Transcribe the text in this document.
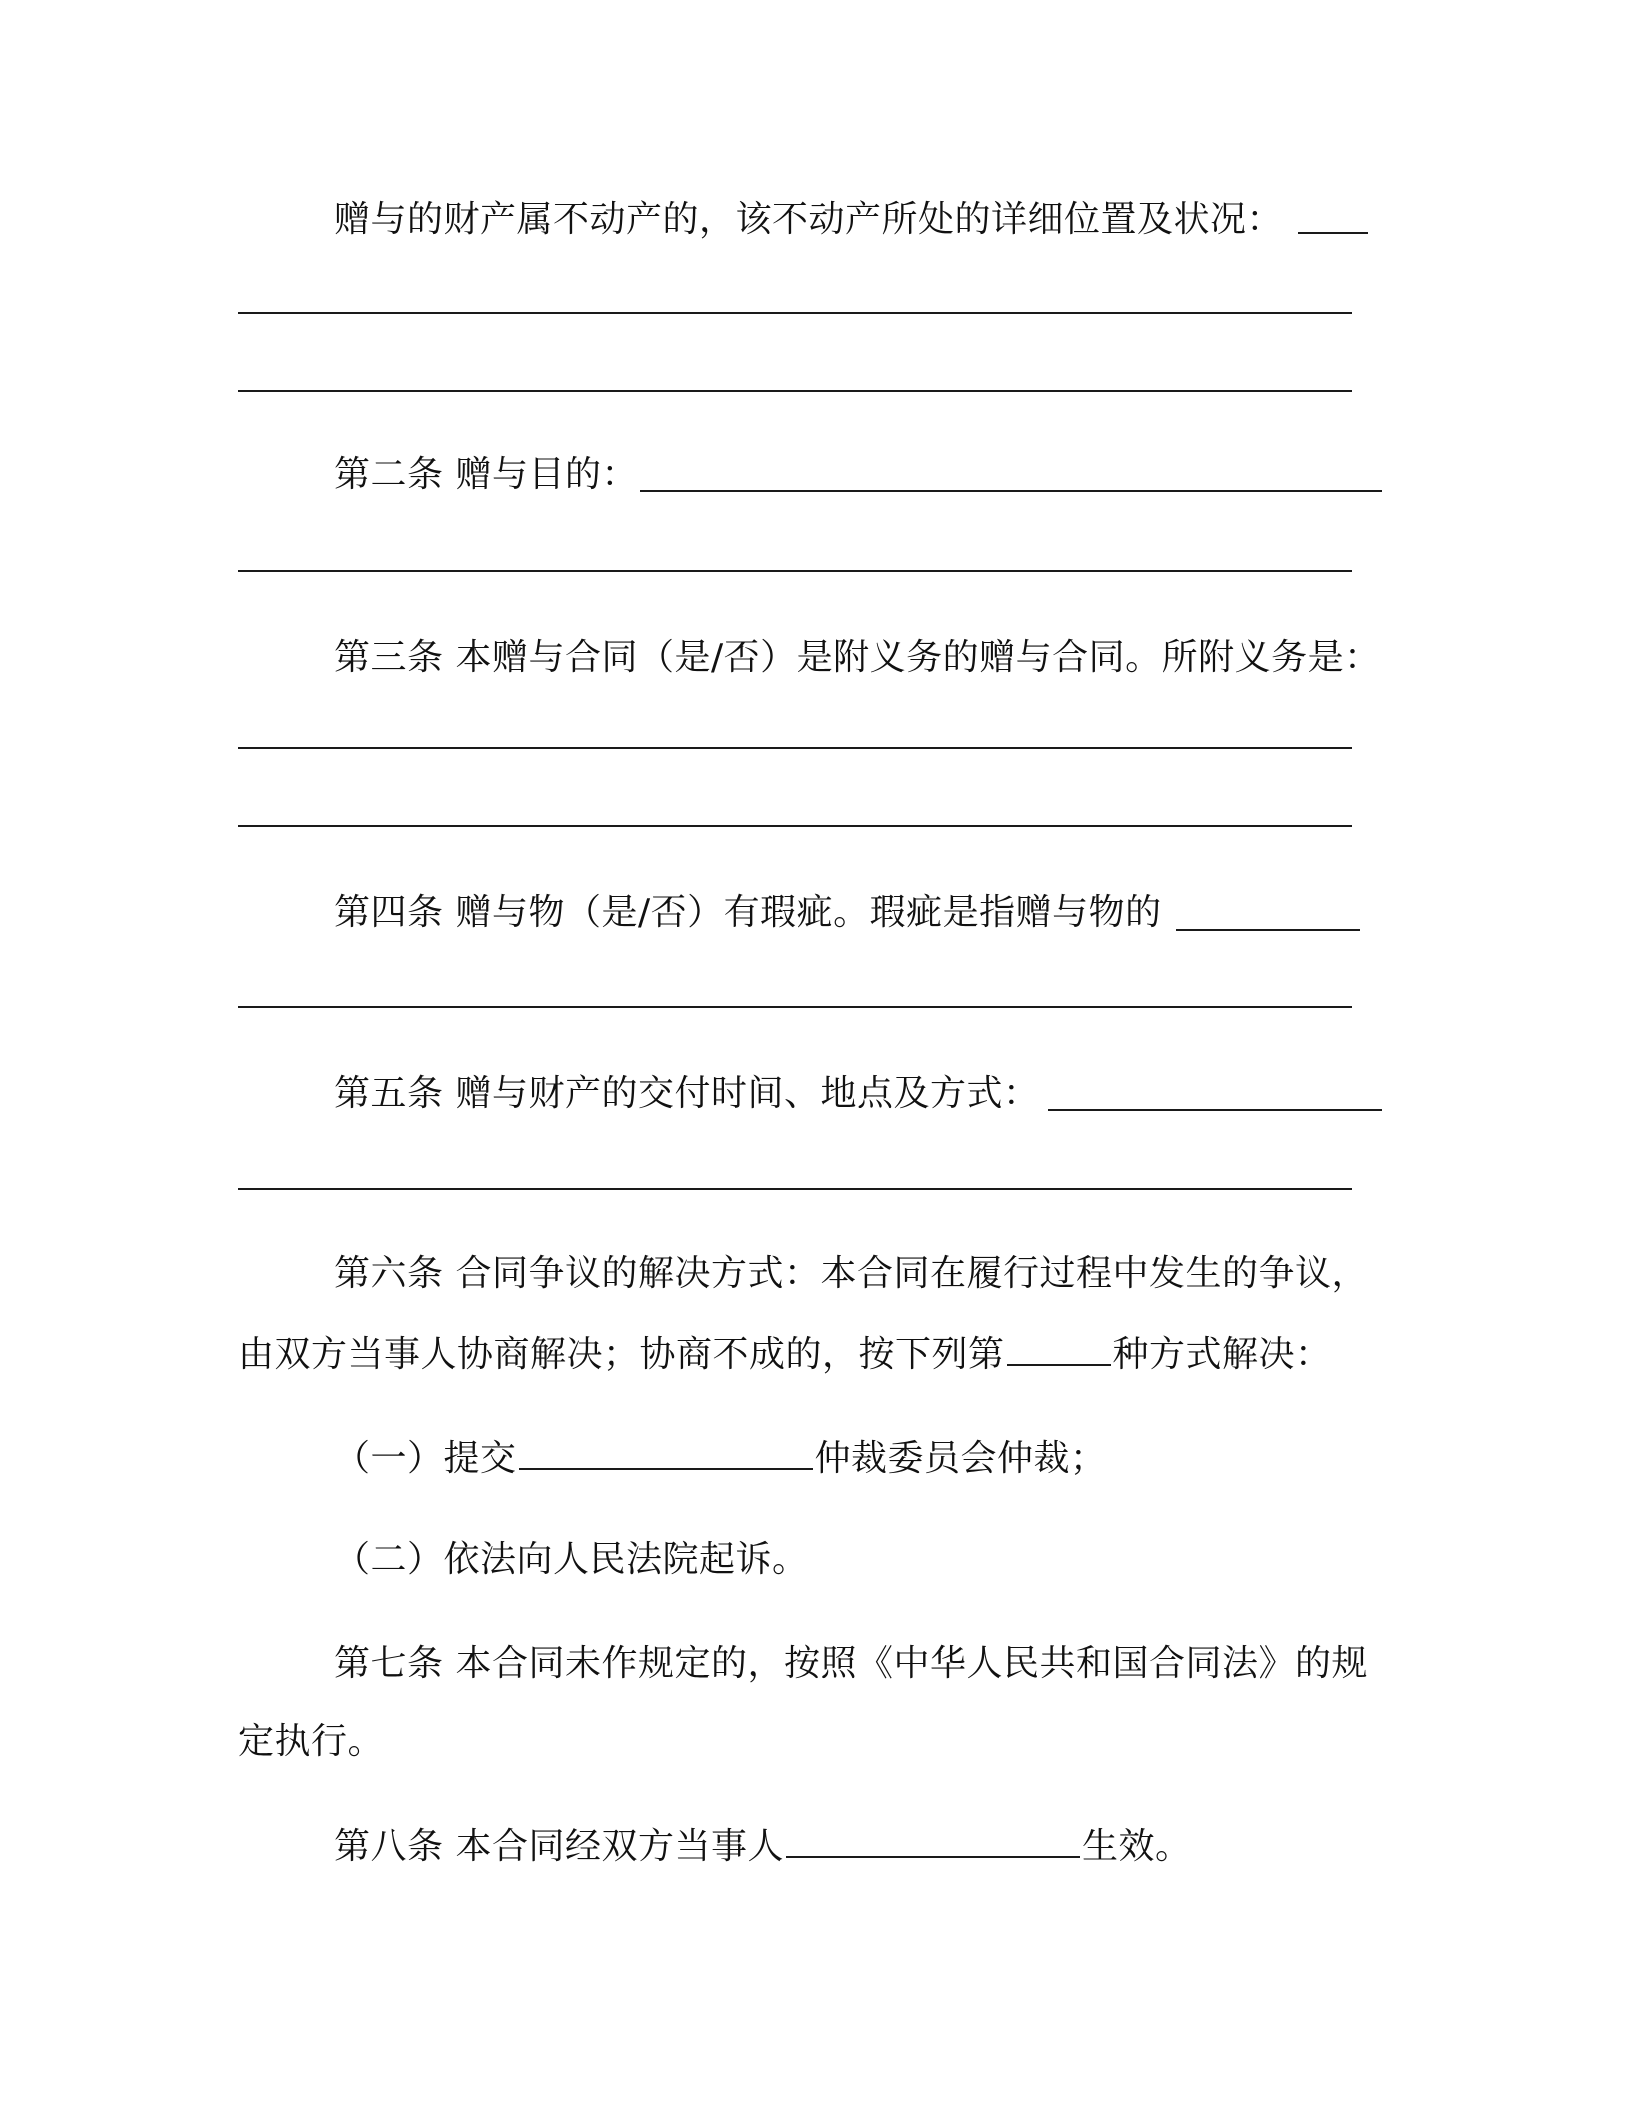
赠与的财产属不动产的，该不动产所处的详细位置及状况：
第二条 赠与目的：
第三条 本赠与合同（是/否）是附义务的赠与合同。所附义务是：
第四条 赠与物（是/否）有瑕疵。瑕疵是指赠与物的
第五条 赠与财产的交付时间、地点及方式：
第六条 合同争议的解决方式：本合同在履行过程中发生的争议，
由双方当事人协商解决；协商不成的，按下列第	种方式解决：
（一）提交	仲裁委员会仲裁；
（二）依法向人民法院起诉。
第七条 本合同未作规定的，按照《中华人民共和国合同法》的规
定执行。
第八条 本合同经双方当事人	生效。
